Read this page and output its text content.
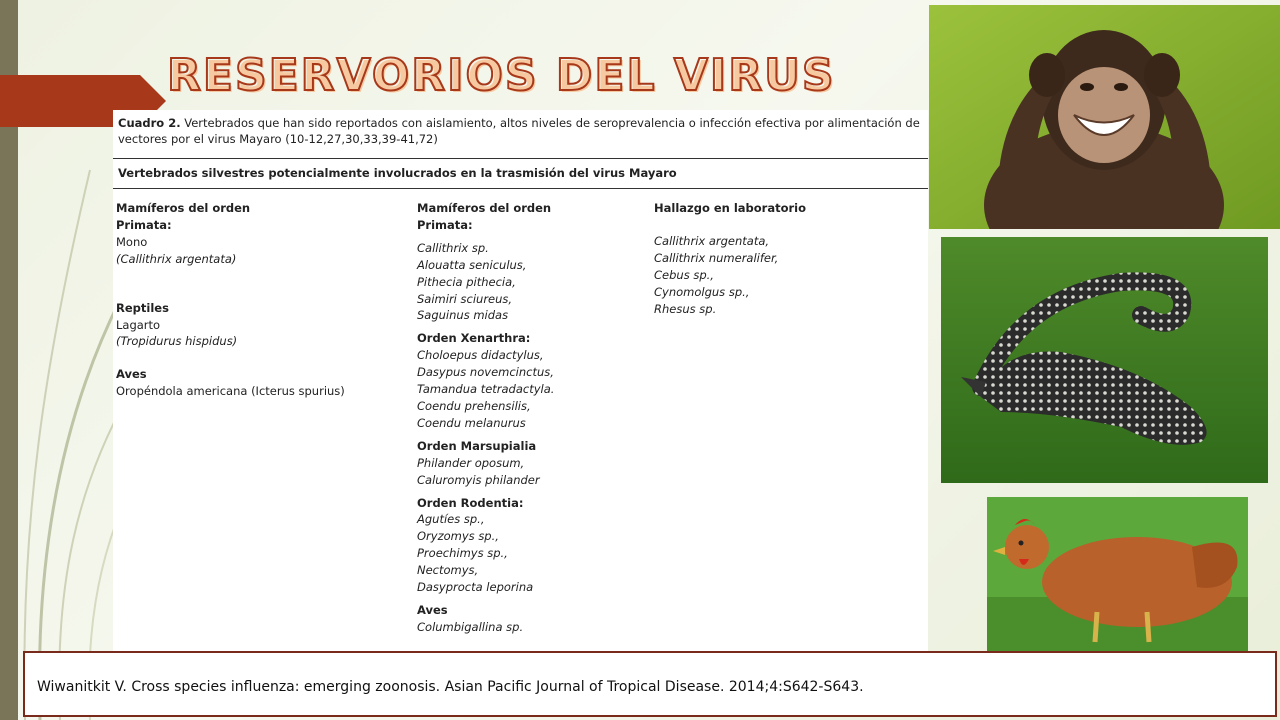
RESERVORIOS DEL VIRUS
Cuadro 2. Vertebrados que han sido reportados con aislamiento, altos niveles de seroprevalencia o infección efectiva por alimentación de vectores por el virus Mayaro (10-12,27,30,33,39-41,72)
Vertebrados silvestres potencialmente involucrados en la trasmisión del virus Mayaro
Mamíferos del orden
Primata:
Mono
(Callithrix argentata)
Reptiles
Lagarto
(Tropidurus hispidus)
Aves
Oropéndola americana (Icterus spurius)
Mamíferos del orden
Primata:
Callithrix sp.
Alouatta seniculus,
Pithecia pithecia,
Saimiri sciureus,
Saguinus midas
Orden Xenarthra:
Choloepus didactylus,
Dasypus novemcinctus,
Tamandua tetradactyla.
Coendu prehensilis,
Coendu melanurus
Orden Marsupialia
Philander oposum,
Caluromyis philander
Orden Rodentia:
Agutíes sp.,
Oryzomys sp.,
Proechimys sp.,
Nectomys,
Dasyprocta leporina
Aves
Columbigallina sp.
Hallazgo en laboratorio
Callithrix argentata,
Callithrix numeralifer,
Cebus sp.,
Cynomolgus sp.,
Rhesus sp.
Wiwanitkit V. Cross species influenza: emerging zoonosis. Asian Pacific Journal of Tropical Disease. 2014;4:S642-S643.
